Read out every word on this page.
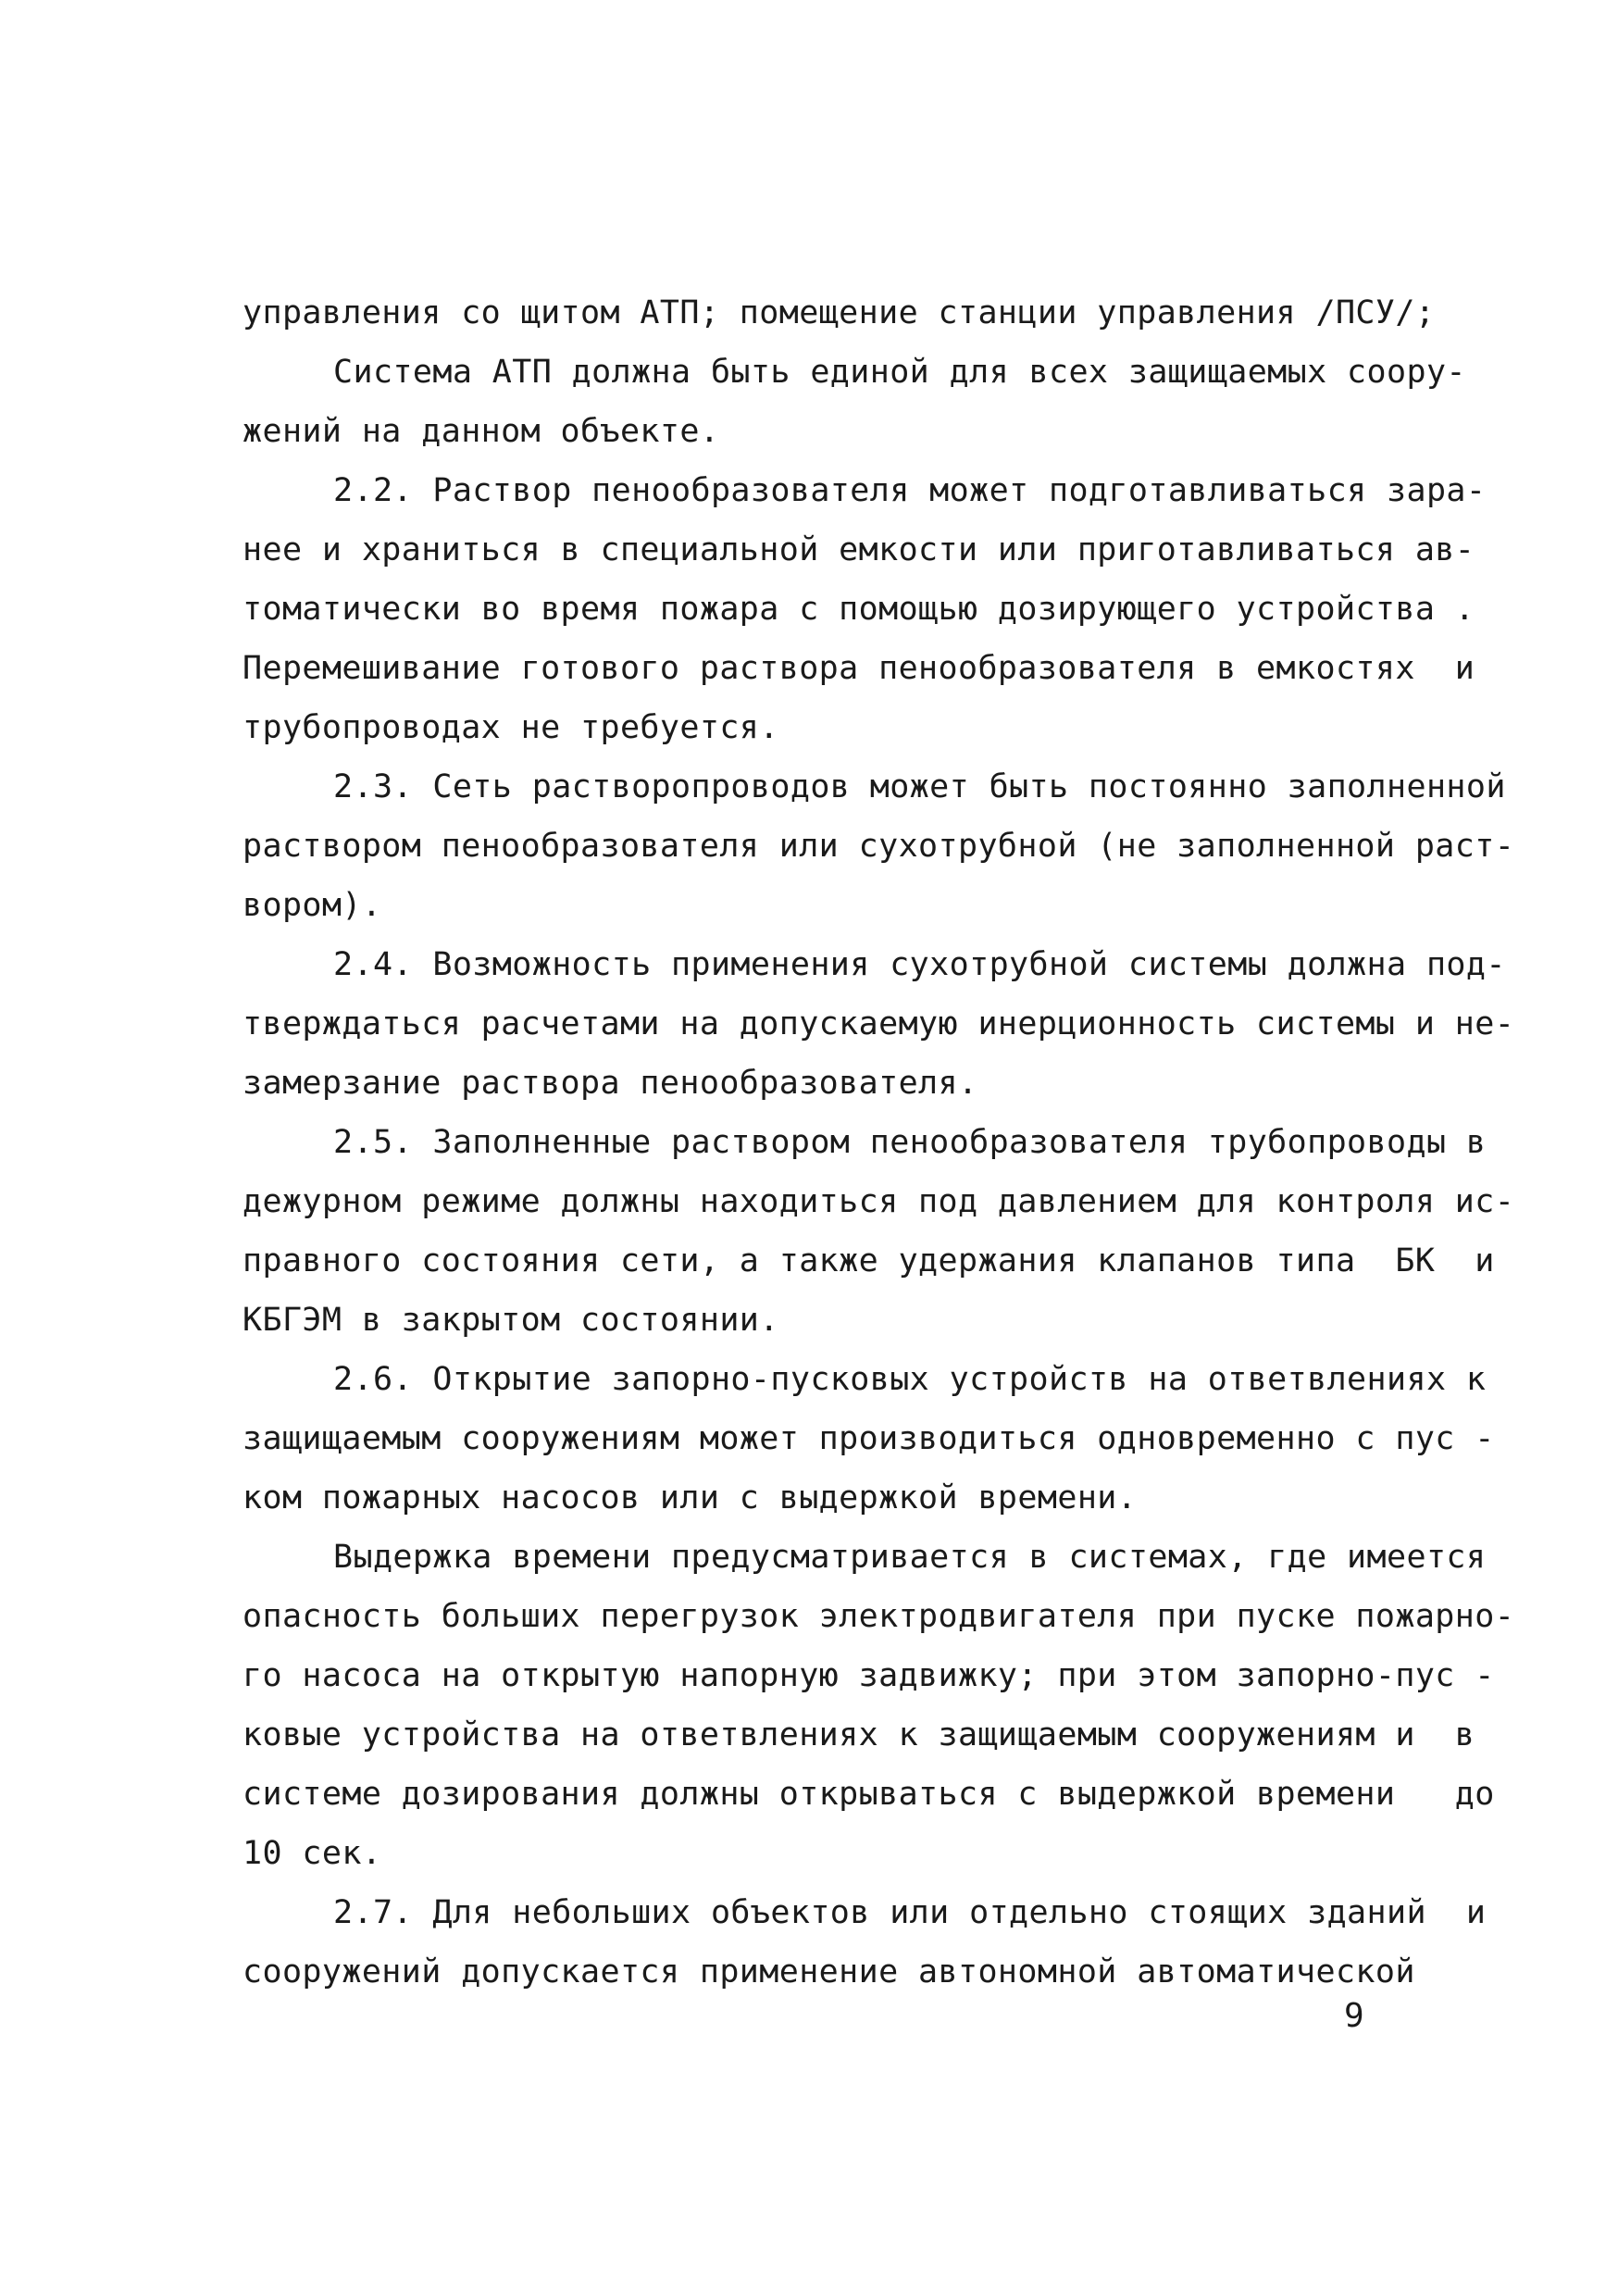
управления со щитом АТП; помещение станции управления /ПСУ/;
Система АТП должна быть единой для всех защищаемых соору-
жений на данном объекте.
2.2. Раствор пенообразователя может подготавливаться зара-
нее и храниться в специальной емкости или приготавливаться ав-
томатически во время пожара с помощью дозирующего устройства .
Перемешивание готового раствора пенообразователя в емкостях  и
трубопроводах не требуется.
2.3. Сеть растворопроводов может быть постоянно заполненной
раствором пенообразователя или сухотрубной (не заполненной раст-
вором).
2.4. Возможность применения сухотрубной системы должна под-
тверждаться расчетами на допускаемую инерционность системы и не-
замерзание раствора пенообразователя.
2.5. Заполненные раствором пенообразователя трубопроводы в
дежурном режиме должны находиться под давлением для контроля ис-
правного состояния сети, а также удержания клапанов типа  БК  и
КБГЭМ в закрытом состоянии.
2.6. Открытие запорно-пусковых устройств на ответвлениях к
защищаемым сооружениям может производиться одновременно с пус -
ком пожарных насосов или с выдержкой времени.
Выдержка времени предусматривается в системах, где имеется
опасность больших перегрузок электродвигателя при пуске пожарно-
го насоса на открытую напорную задвижку; при этом запорно-пус -
ковые устройства на ответвлениях к защищаемым сооружениям и  в
системе дозирования должны открываться с выдержкой времени   до
10 сек.
2.7. Для небольших объектов или отдельно стоящих зданий  и
сооружений допускается применение автономной автоматической
9
